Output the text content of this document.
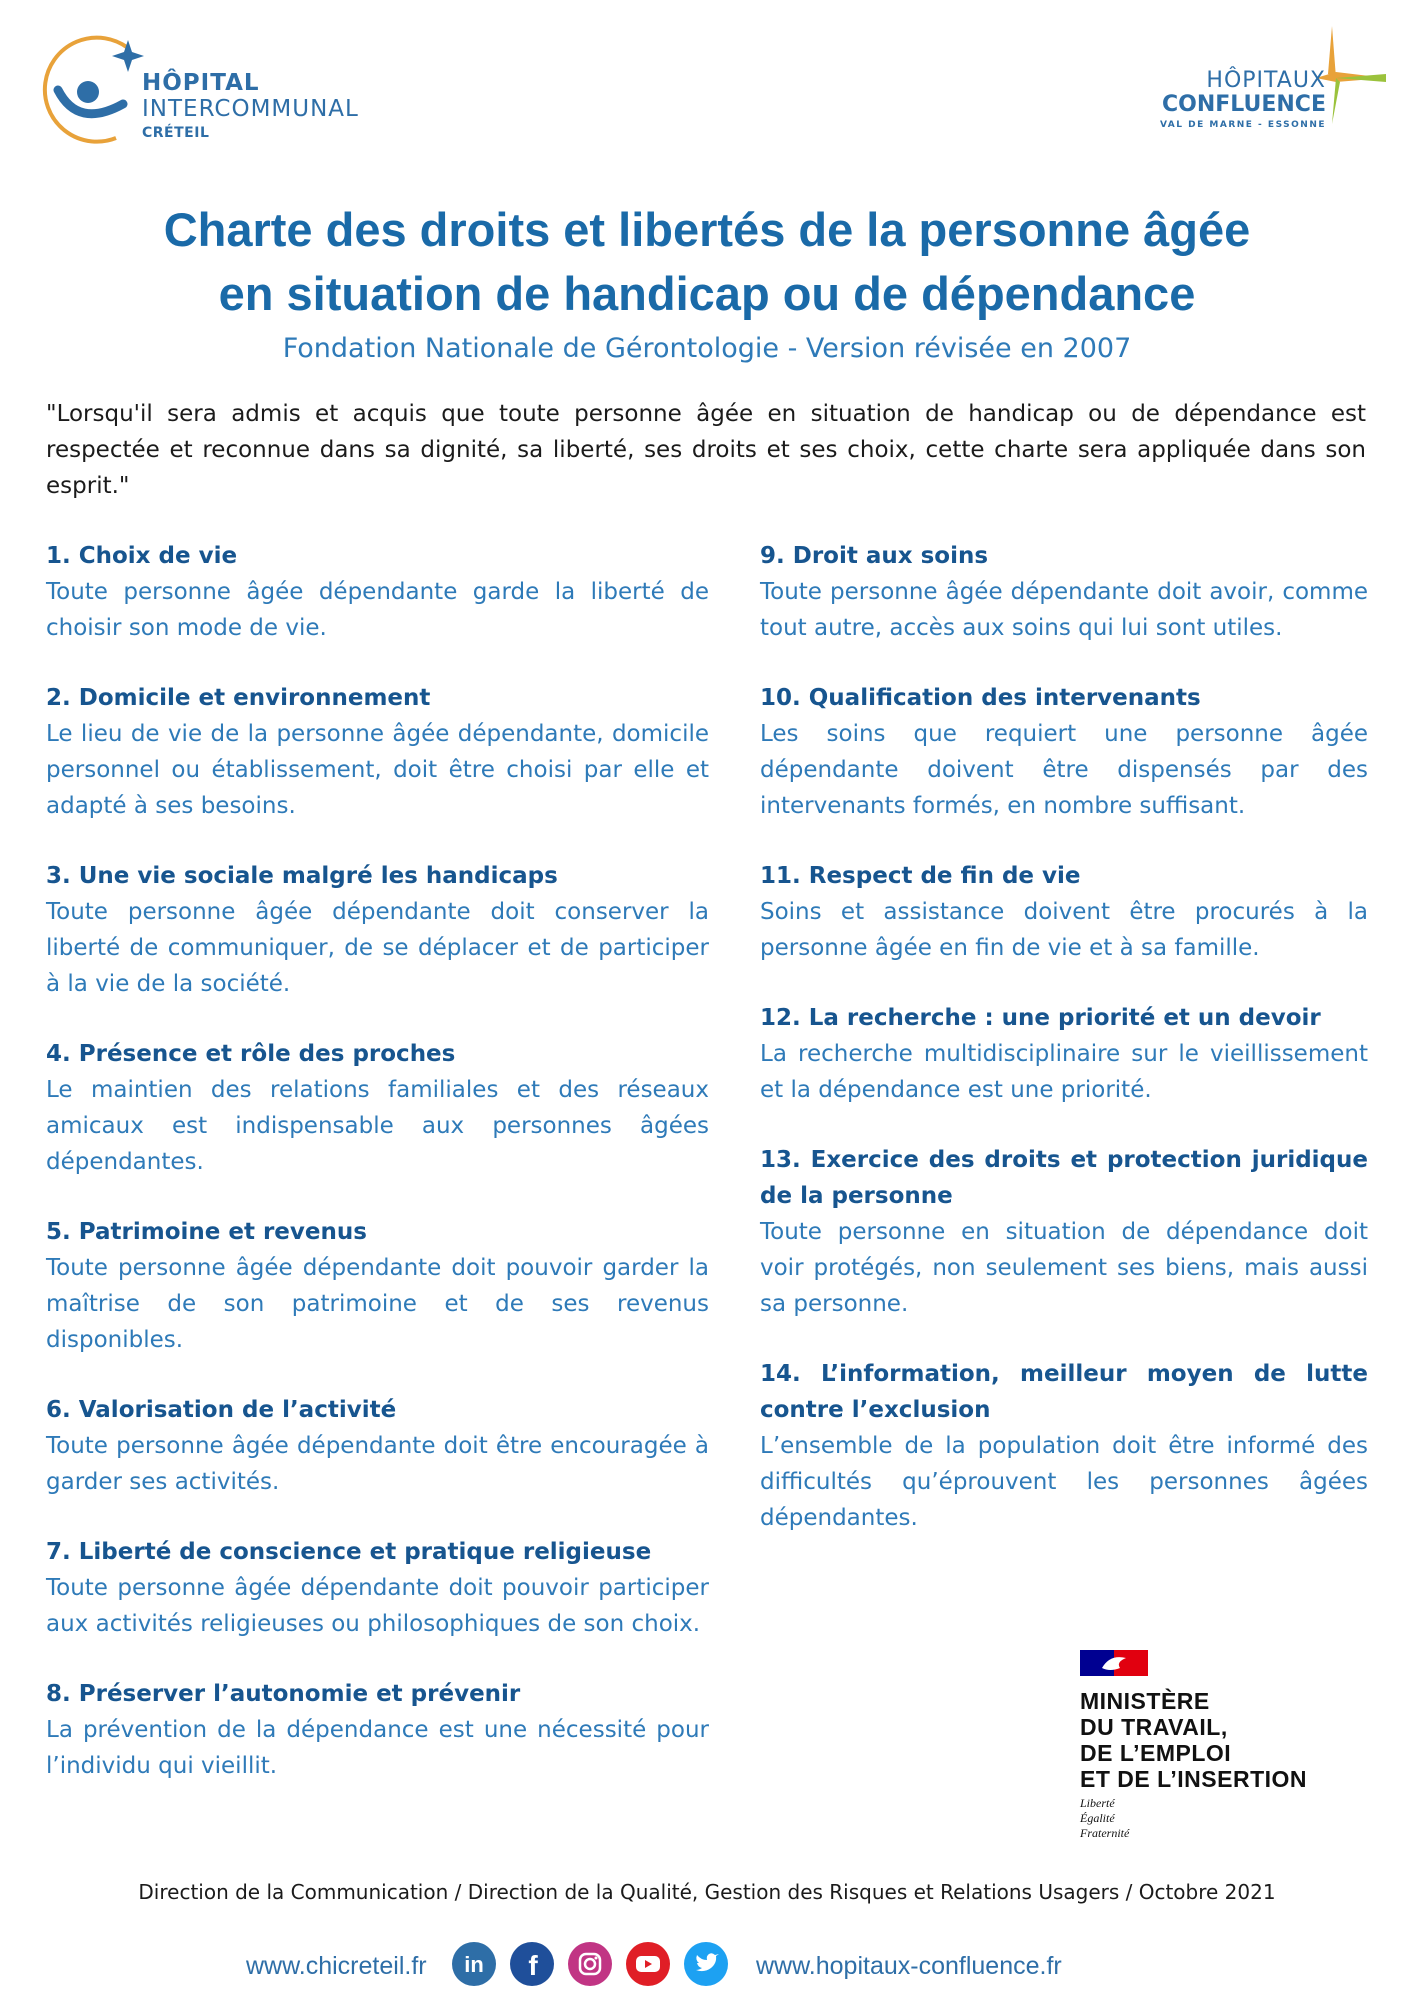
HÔPITAL
INTERCOMMUNAL
CRÉTEIL
HÔPITAUX
CONFLUENCE
VAL DE MARNE - ESSONNE
Charte des droits et libertés de la personne âgée
en situation de handicap ou de dépendance
Fondation Nationale de Gérontologie - Version révisée en 2007

"Lorsqu'il sera admis et acquis que toute personne âgée en situation de handicap ou de dépendance est respectée et reconnue dans sa dignité, sa liberté, ses droits et ses choix, cette charte sera appliquée dans son esprit."

1. Choix de vie

Toute personne âgée dépendante garde la liberté de choisir son mode de vie.

2. Domicile et environnement

Le lieu de vie de la personne âgée dépendante, domicile personnel ou établissement, doit être choisi par elle et adapté à ses besoins.

3. Une vie sociale malgré les handicaps

Toute personne âgée dépendante doit conserver la liberté de communiquer, de se déplacer et de participer à la vie de la société.

4. Présence et rôle des proches

Le maintien des relations familiales et des réseaux amicaux est indispensable aux personnes âgées dépendantes.

5. Patrimoine et revenus

Toute personne âgée dépendante doit pouvoir garder la maîtrise de son patrimoine et de ses revenus disponibles.

6. Valorisation de l’activité

Toute personne âgée dépendante doit être encouragée à garder ses activités.

7. Liberté de conscience et pratique religieuse

Toute personne âgée dépendante doit pouvoir participer aux activités religieuses ou philosophiques de son choix.

8. Préserver l’autonomie et prévenir

La prévention de la dépendance est une nécessité pour l’individu qui vieillit.

9. Droit aux soins

Toute personne âgée dépendante doit avoir, comme tout autre, accès aux soins qui lui sont utiles.

10. Qualification des intervenants

Les soins que requiert une personne âgée dépendante doivent être dispensés par des intervenants formés, en nombre suffisant.

11. Respect de fin de vie

Soins et assistance doivent être procurés à la personne âgée en fin de vie et à sa famille.

12. La recherche : une priorité et un devoir

La recherche multidisciplinaire sur le vieillissement et la dépendance est une priorité.

13. Exercice des droits et protection juridique de la personne

Toute personne en situation de dépendance doit voir protégés, non seulement ses biens, mais aussi sa personne.

14. L’information, meilleur moyen de lutte contre l’exclusion

L’ensemble de la population doit être informé des difficultés qu’éprouvent les personnes âgées dépendantes.

MINISTÈRE
DU TRAVAIL,
DE L’EMPLOI
ET DE L’INSERTION
Liberté
Égalité
Fraternité
Direction de la Communication / Direction de la Qualité, Gestion des Risques et Relations Usagers / Octobre 2021
www.chicreteil.fr in f	www.hopitaux-confluence.fr
